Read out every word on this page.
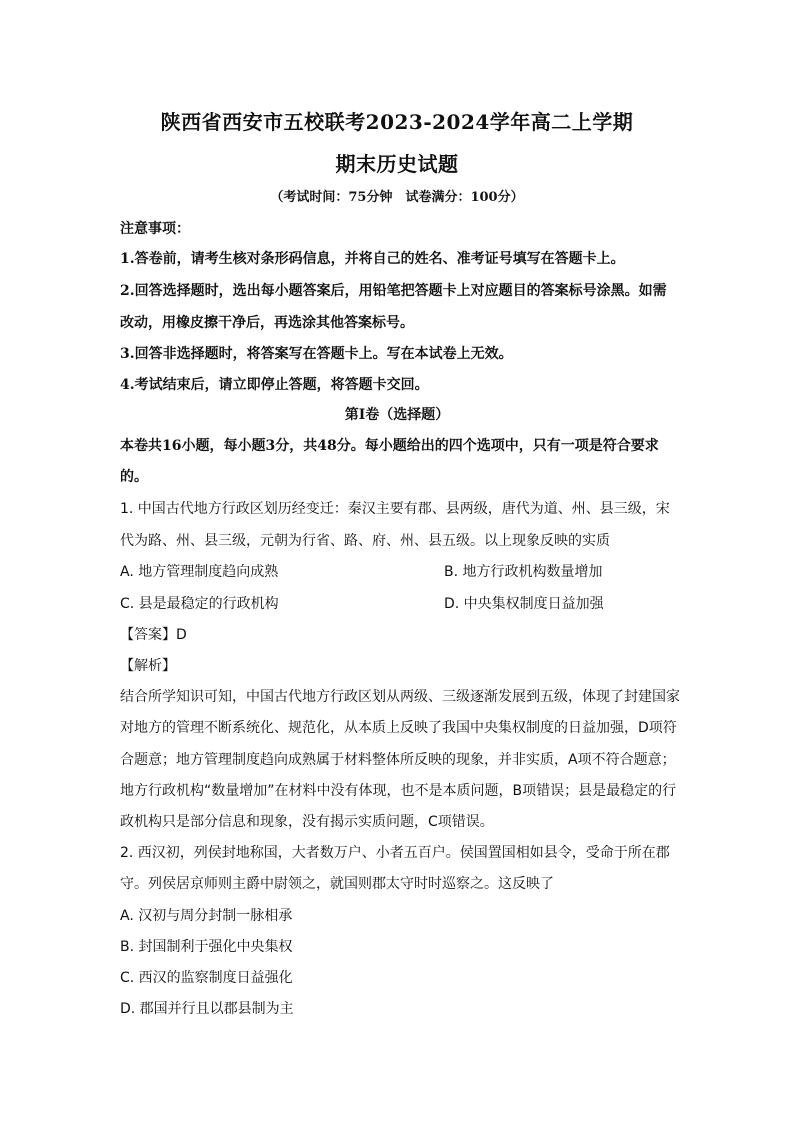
陕西省西安市五校联考2023-2024学年高二上学期
期末历史试题
（考试时间：75分钟　试卷满分：100分）
注意事项：
1.答卷前，请考生核对条形码信息，并将自己的姓名、准考证号填写在答题卡上。
2.回答选择题时，选出每小题答案后，用铅笔把答题卡上对应题目的答案标号涂黑。如需
改动，用橡皮擦干净后，再选涂其他答案标号。
3.回答非选择题时，将答案写在答题卡上。写在本试卷上无效。
4.考试结束后，请立即停止答题，将答题卡交回。
第Ⅰ卷（选择题）
本卷共16小题，每小题3分，共48分。每小题给出的四个选项中，只有一项是符合要求
的。
1. 中国古代地方行政区划历经变迁：秦汉主要有郡、县两级，唐代为道、州、县三级，宋
代为路、州、县三级，元朝为行省、路、府、州、县五级。以上现象反映的实质
A. 地方管理制度趋向成熟	B. 地方行政机构数量增加
C. 县是最稳定的行政机构	D. 中央集权制度日益加强
【答案】D
【解析】
结合所学知识可知，中国古代地方行政区划从两级、三级逐渐发展到五级，体现了封建国家
对地方的管理不断系统化、规范化，从本质上反映了我国中央集权制度的日益加强，D项符
合题意；地方管理制度趋向成熟属于材料整体所反映的现象，并非实质，A项不符合题意；
地方行政机构“数量增加”在材料中没有体现，也不是本质问题，B项错误；县是最稳定的行
政机构只是部分信息和现象，没有揭示实质问题，C项错误。
2. 西汉初，列侯封地称国，大者数万户、小者五百户。侯国置国相如县令，受命于所在郡
守。列侯居京师则主爵中尉领之，就国则郡太守时时巡察之。这反映了
A. 汉初与周分封制一脉相承
B. 封国制利于强化中央集权
C. 西汉的监察制度日益强化
D. 郡国并行且以郡县制为主
